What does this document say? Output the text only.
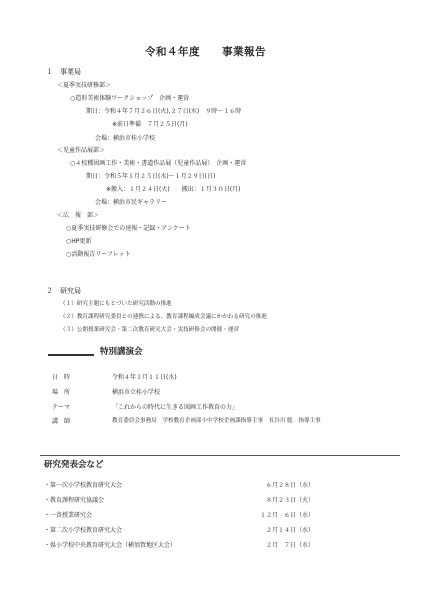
令和４年度　　事業報告
１　事業局
＜夏季実技研修部＞
○造形美術体験ワークショップ　企画・運営
期日：令和４年７月２６日(火),２７日(水)　９時〜１６時
※前日準備　７月２５日(月)
会場：横浜市桂小学校
＜児童作品展部＞
○４校種図画工作・美術・書道作品展（児童作品展）　企画・運営
期日：令和５年１月２５日(水)〜１月２９日(日)
※搬入：１月２４日(火)　　搬出：１月３０日(月)
会場：横浜市民ギャラリー
＜広　報　部＞
○夏季実技研修会での速報・記録・アンケート
○HP更新
○活動報告リーフレット
２　研究局
（１）研究主題にもとづいた研究活動の推進
（２）教育課程研究委員との連携による、教育課程編成会議にかかわる研究の推進
（３）公開授業研究会・第二次教育研究大会・実技研修会の開催・運営
特別講演会
日　時	令和４年１月１１日(水)
場　所	横浜市立桂小学校
テーマ	「これからの時代に生きる図画工作教育の力」
講　師	教育委員会事務局　学校教育企画部小中学校企画課指導主事　長谷川 聡　指導主事
研究発表会など
・第一次小学校教育研究大会	６月２８日（水）
・教育課程研究協議会	８月２３日（火）
・一斉授業研究会	１２月　６日（水）
・第二次小学校教育研究大会	２月１４日（水）
・県小学校中央教育研究大会（横須賀地区大会）	２月　７日（水）
